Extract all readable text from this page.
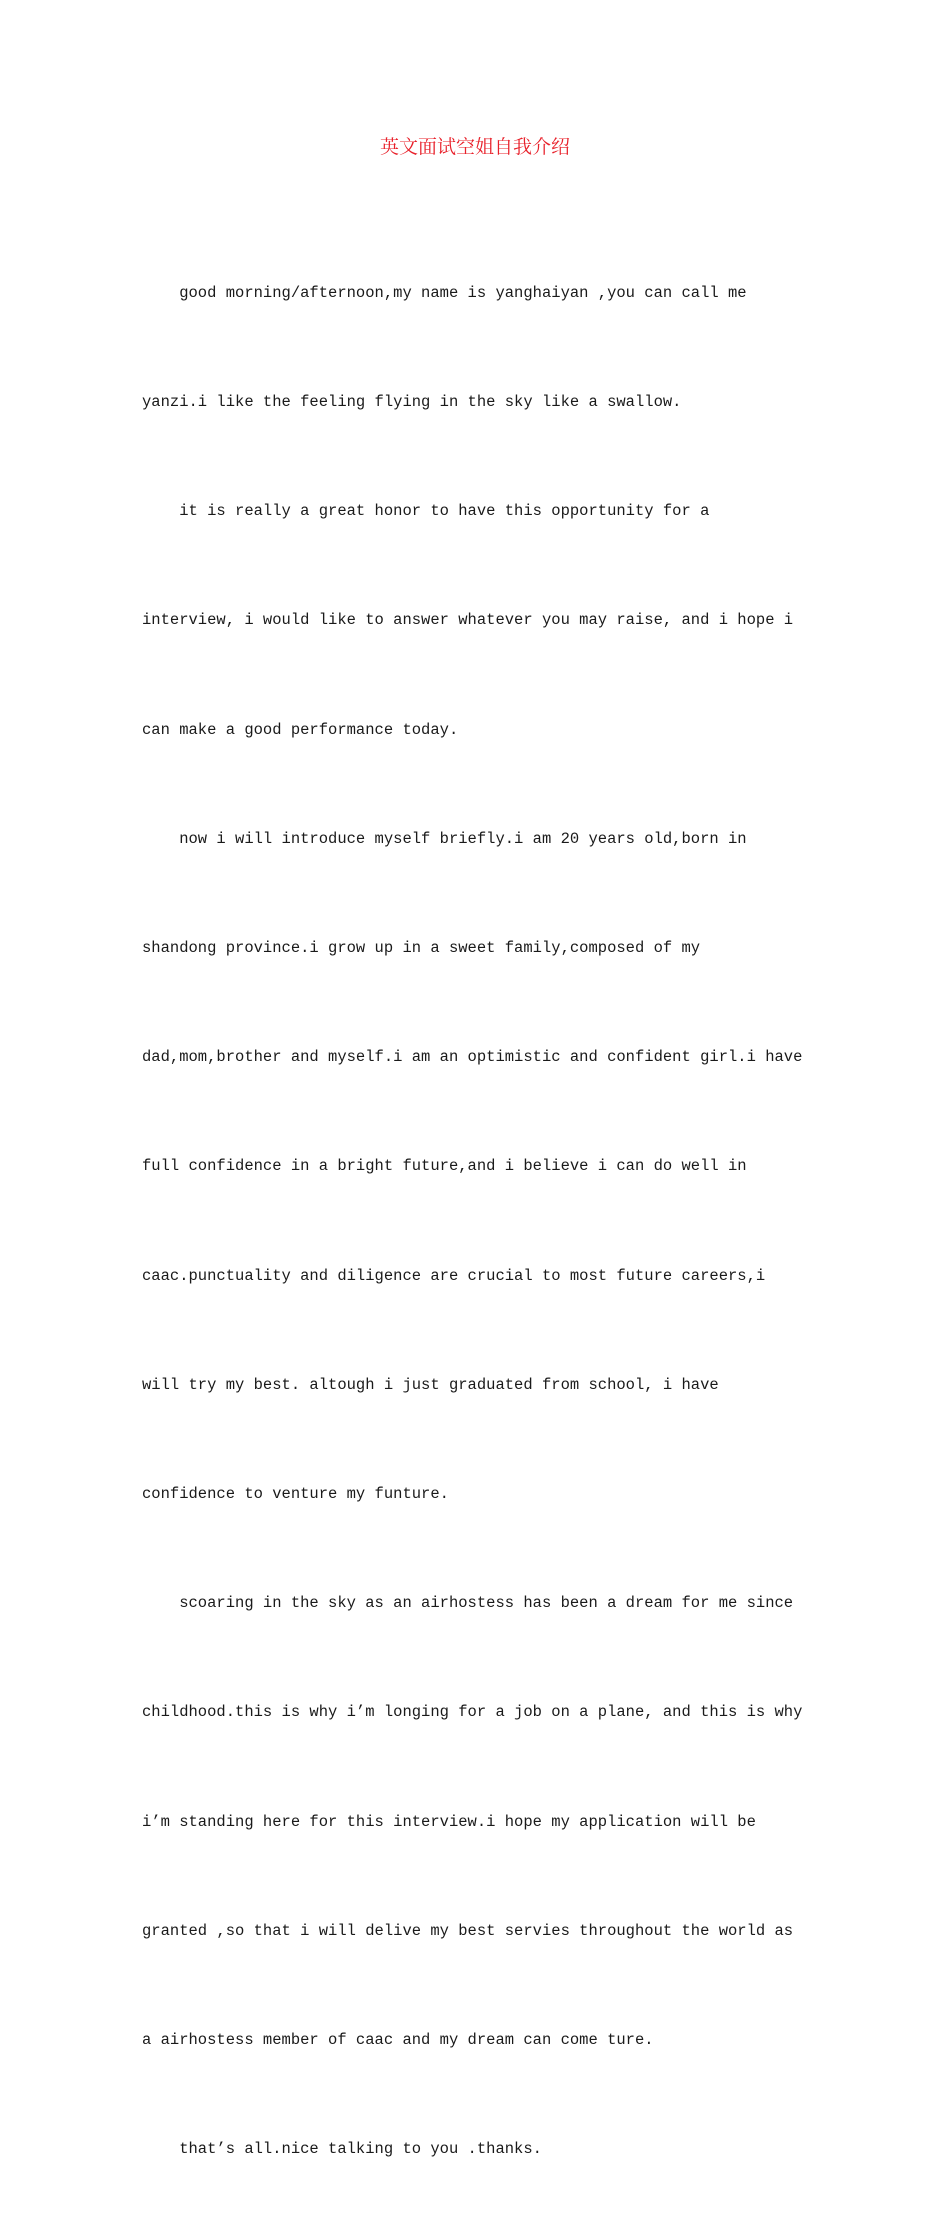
英文面试空姐自我介绍

good morning/afternoon,my name is yanghaiyan ,you can call me

yanzi.i like the feeling flying in the sky like a swallow.

it is really a great honor to have this opportunity for a

interview, i would like to answer whatever you may raise, and i hope i

can make a good performance today.

now i will introduce myself briefly.i am 20 years old,born in

shandong province.i grow up in a sweet family,composed of my

dad,mom,brother and myself.i am an optimistic and confident girl.i have

full confidence in a bright future,and i believe i can do well in

caac.punctuality and diligence are crucial to most future careers,i

will try my best. altough i just graduated from school, i have

confidence to venture my funture.

scoaring in the sky as an airhostess has been a dream for me since

childhood.this is why i’m longing for a job on a plane, and this is why

i’m standing here for this interview.i hope my application will be

granted ,so that i will delive my best servies throughout the world as

a airhostess member of caac and my dream can come ture.

that’s all.nice talking to you .thanks.
